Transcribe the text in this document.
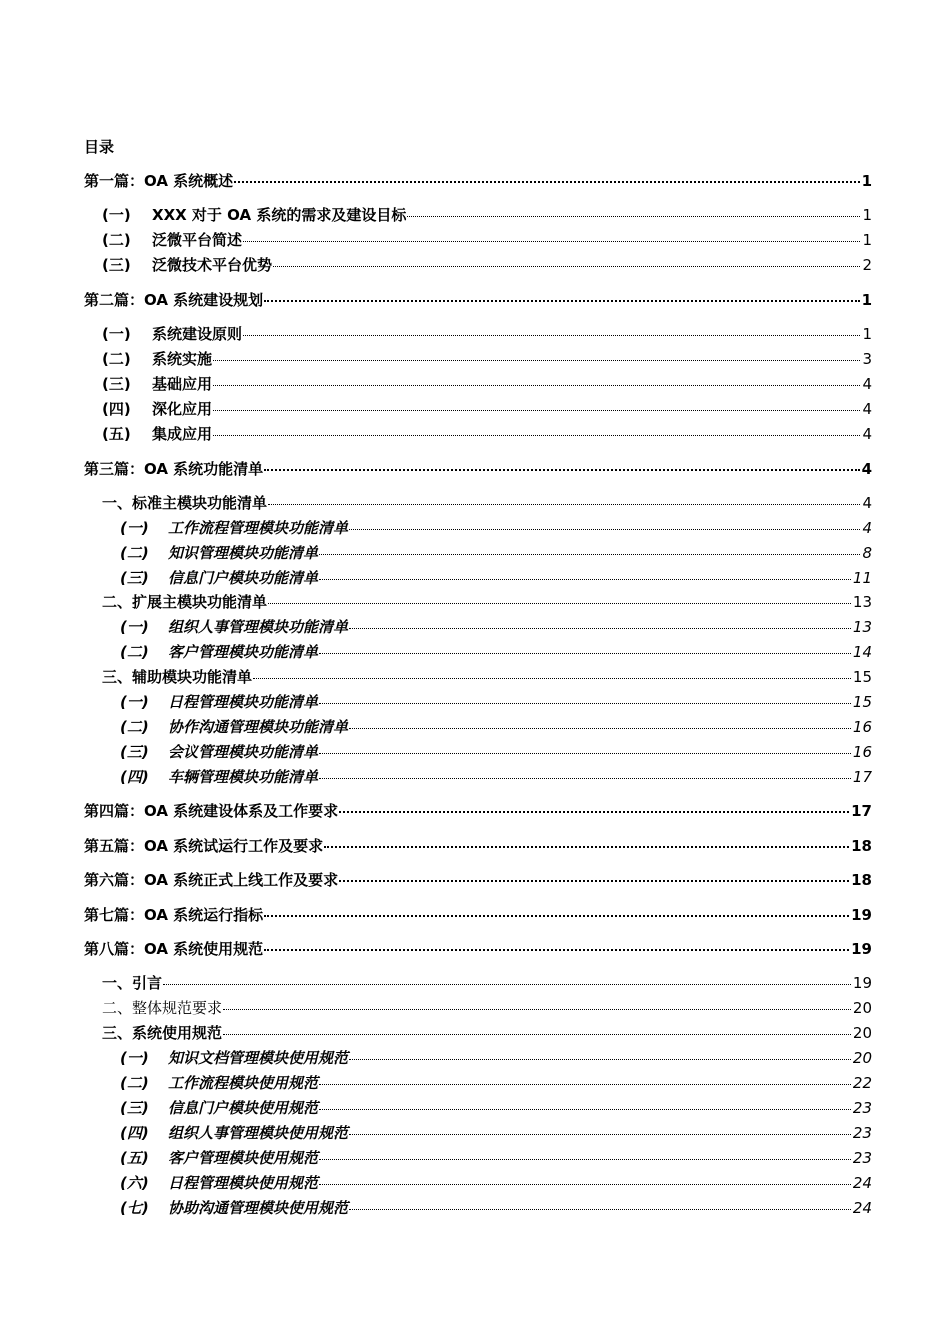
目录
第一篇：OA 系统概述	1
(一)	XXX 对于 OA 系统的需求及建设目标	1
(二)	泛微平台简述	1
(三)	泛微技术平台优势	2
第二篇：OA 系统建设规划	1
(一)	系统建设原则	1
(二)	系统实施	3
(三)	基础应用	4
(四)	深化应用	4
(五)	集成应用	4
第三篇：OA 系统功能清单	4
一、标准主模块功能清单	4
(一)	工作流程管理模块功能清单	4
(二)	知识管理模块功能清单	8
(三)	信息门户模块功能清单	11
二、扩展主模块功能清单	13
(一)	组织人事管理模块功能清单	13
(二)	客户管理模块功能清单	14
三、辅助模块功能清单	15
(一)	日程管理模块功能清单	15
(二)	协作沟通管理模块功能清单	16
(三)	会议管理模块功能清单	16
(四)	车辆管理模块功能清单	17
第四篇：OA 系统建设体系及工作要求	17
第五篇：OA 系统试运行工作及要求	18
第六篇：OA 系统正式上线工作及要求	18
第七篇：OA 系统运行指标	19
第八篇：OA 系统使用规范	19
一、引言	19
二、整体规范要求	20
三、系统使用规范	20
(一)	知识文档管理模块使用规范	20
(二)	工作流程模块使用规范	22
(三)	信息门户模块使用规范	23
(四)	组织人事管理模块使用规范	23
(五)	客户管理模块使用规范	23
(六)	日程管理模块使用规范	24
(七)	协助沟通管理模块使用规范	24
